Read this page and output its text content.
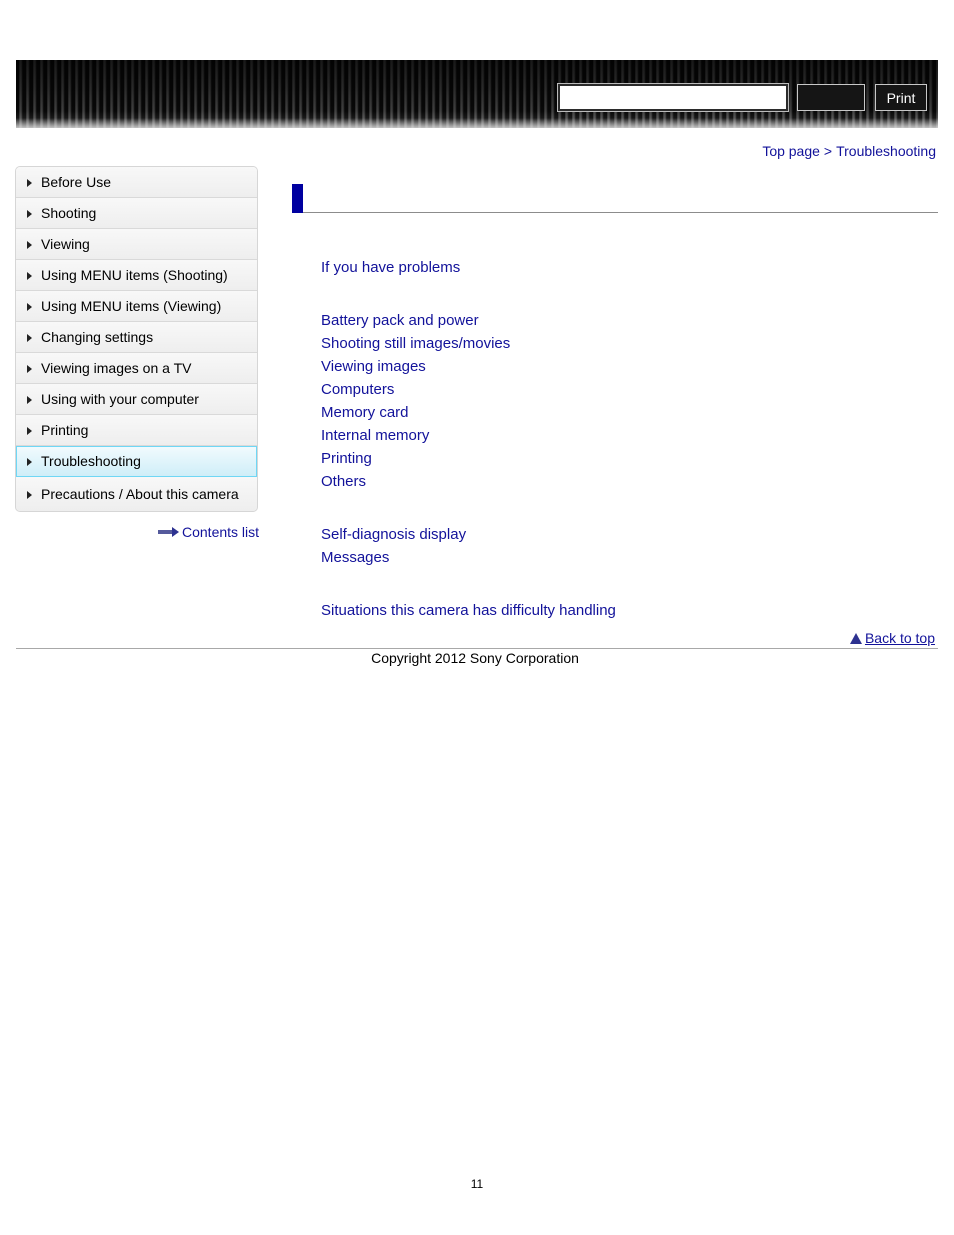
Print
Top page > Troubleshooting
Before Use
Shooting
Viewing
Using MENU items (Shooting)
Using MENU items (Viewing)
Changing settings
Viewing images on a TV
Using with your computer
Printing
Troubleshooting
Precautions / About this camera
Contents list
If you have problems
Battery pack and power
Shooting still images/movies
Viewing images
Computers
Memory card
Internal memory
Printing
Others
Self-diagnosis display
Messages
Situations this camera has difficulty handling
Back to top
Copyright 2012 Sony Corporation
11
